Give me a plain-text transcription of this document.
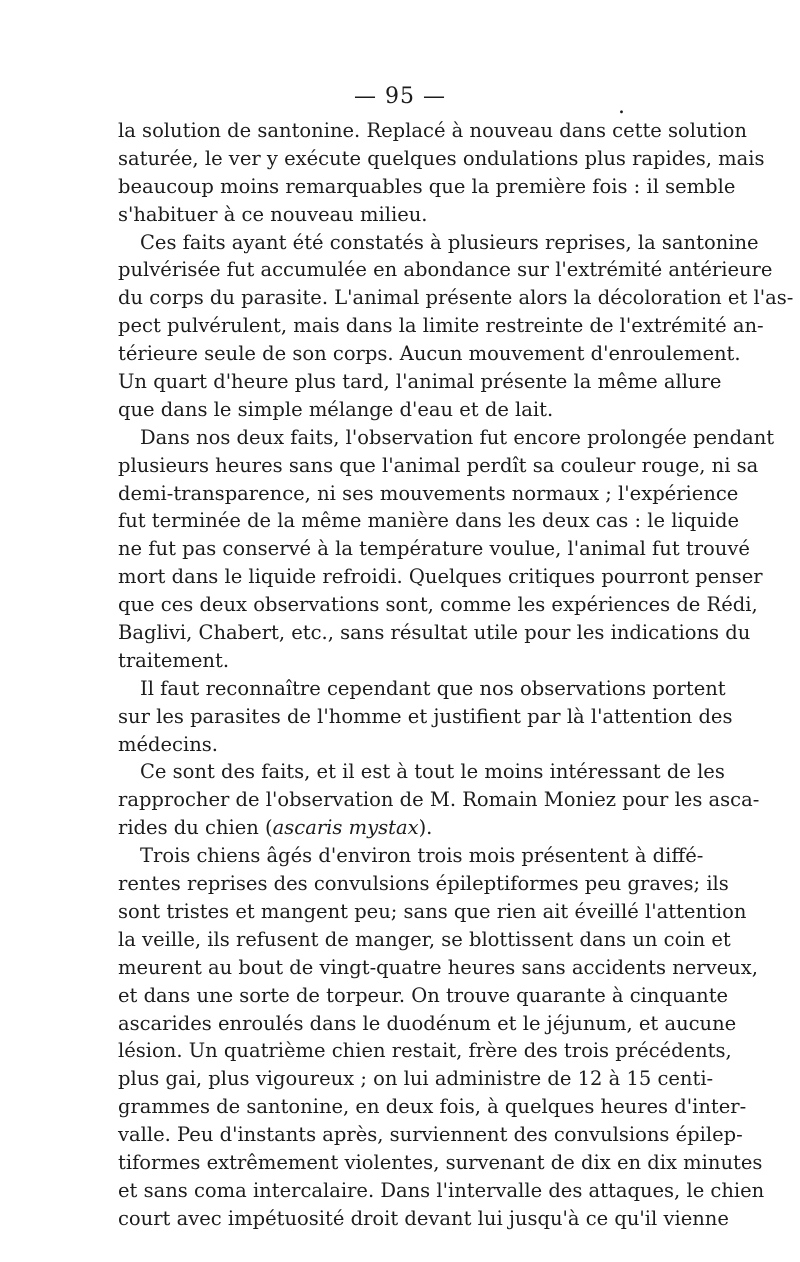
— 95 —	.
la solution de santonine. Replacé à nouveau dans cette solution
saturée, le ver y exécute quelques ondulations plus rapides, mais
beaucoup moins remarquables que la première fois : il semble
s'habituer à ce nouveau milieu.
Ces faits ayant été constatés à plusieurs reprises, la santonine
pulvérisée fut accumulée en abondance sur l'extrémité antérieure
du corps du parasite. L'animal présente alors la décoloration et l'as-
pect pulvérulent, mais dans la limite restreinte de l'extrémité an-
térieure seule de son corps. Aucun mouvement d'enroulement.
Un quart d'heure plus tard, l'animal présente la même allure
que dans le simple mélange d'eau et de lait.
Dans nos deux faits, l'observation fut encore prolongée pendant
plusieurs heures sans que l'animal perdît sa couleur rouge, ni sa
demi-transparence, ni ses mouvements normaux ; l'expérience
fut terminée de la même manière dans les deux cas : le liquide
ne fut pas conservé à la température voulue, l'animal fut trouvé
mort dans le liquide refroidi. Quelques critiques pourront penser
que ces deux observations sont, comme les expériences de Rédi,
Baglivi, Chabert, etc., sans résultat utile pour les indications du
traitement.
Il faut reconnaître cependant que nos observations portent
sur les parasites de l'homme et justifient par là l'attention des
médecins.
Ce sont des faits, et il est à tout le moins intéressant de les
rapprocher de l'observation de M. Romain Moniez pour les asca-
rides du chien (ascaris mystax).
Trois chiens âgés d'environ trois mois présentent à diffé-
rentes reprises des convulsions épileptiformes peu graves; ils
sont tristes et mangent peu; sans que rien ait éveillé l'attention
la veille, ils refusent de manger, se blottissent dans un coin et
meurent au bout de vingt-quatre heures sans accidents nerveux,
et dans une sorte de torpeur. On trouve quarante à cinquante
ascarides enroulés dans le duodénum et le jéjunum, et aucune
lésion. Un quatrième chien restait, frère des trois précédents,
plus gai, plus vigoureux ; on lui administre de 12 à 15 centi-
grammes de santonine, en deux fois, à quelques heures d'inter-
valle. Peu d'instants après, surviennent des convulsions épilep-
tiformes extrêmement violentes, survenant de dix en dix minutes
et sans coma intercalaire. Dans l'intervalle des attaques, le chien
court avec impétuosité droit devant lui jusqu'à ce qu'il vienne
